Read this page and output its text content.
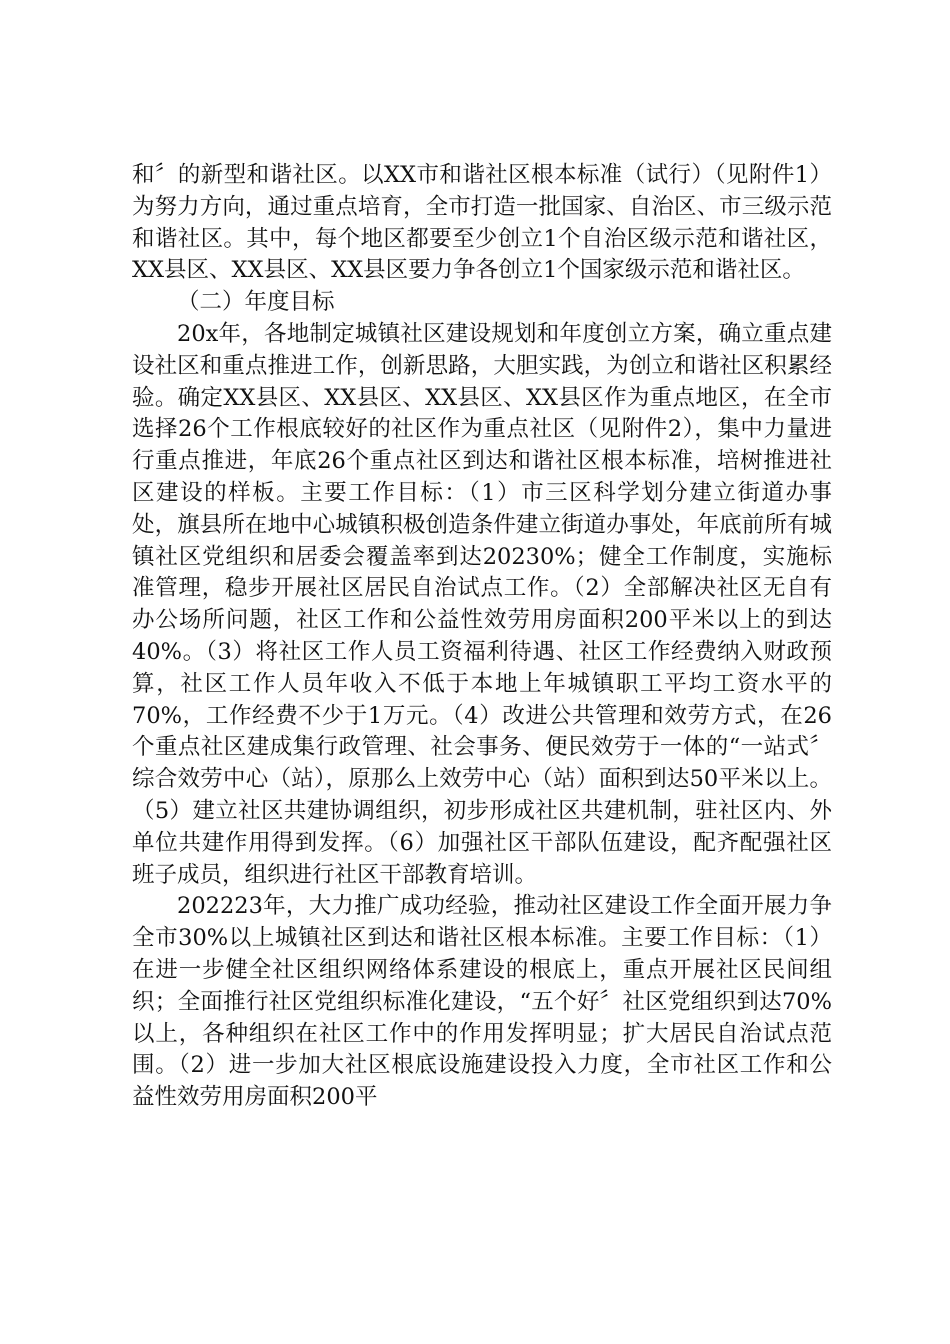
和〞的新型和谐社区。以XX市和谐社区根本标准（试行）（见附件1）为努力方向，通过重点培育，全市打造一批国家、自治区、市三级示范和谐社区。其中，每个地区都要至少创立1个自治区级示范和谐社区，XX县区、XX县区、XX县区要力争各创立1个国家级示范和谐社区。

（二）年度目标

20x年，各地制定城镇社区建设规划和年度创立方案，确立重点建设社区和重点推进工作，创新思路，大胆实践，为创立和谐社区积累经验。确定XX县区、XX县区、XX县区、XX县区作为重点地区，在全市选择26个工作根底较好的社区作为重点社区（见附件2），集中力量进行重点推进，年底26个重点社区到达和谐社区根本标准，培树推进社区建设的样板。主要工作目标：（1）市三区科学划分建立街道办事处，旗县所在地中心城镇积极创造条件建立街道办事处，年底前所有城镇社区党组织和居委会覆盖率到达20230%；健全工作制度，实施标准管理，稳步开展社区居民自治试点工作。（2）全部解决社区无自有办公场所问题，社区工作和公益性效劳用房面积200平米以上的到达40%。（3）将社区工作人员工资福利待遇、社区工作经费纳入财政预算，社区工作人员年收入不低于本地上年城镇职工平均工资水平的70%，工作经费不少于1万元。（4）改进公共管理和效劳方式，在26个重点社区建成集行政管理、社会事务、便民效劳于一体的“一站式〞综合效劳中心（站），原那么上效劳中心（站）面积到达50平米以上。（5）建立社区共建协调组织，初步形成社区共建机制，驻社区内、外单位共建作用得到发挥。（6）加强社区干部队伍建设，配齐配强社区班子成员，组织进行社区干部教育培训。

202223年，大力推广成功经验，推动社区建设工作全面开展力争全市30%以上城镇社区到达和谐社区根本标准。主要工作目标：（1）在进一步健全社区组织网络体系建设的根底上，重点开展社区民间组织；全面推行社区党组织标准化建设，“五个好〞社区党组织到达70%以上，各种组织在社区工作中的作用发挥明显；扩大居民自治试点范围。（2）进一步加大社区根底设施建设投入力度，全市社区工作和公益性效劳用房面积200平
